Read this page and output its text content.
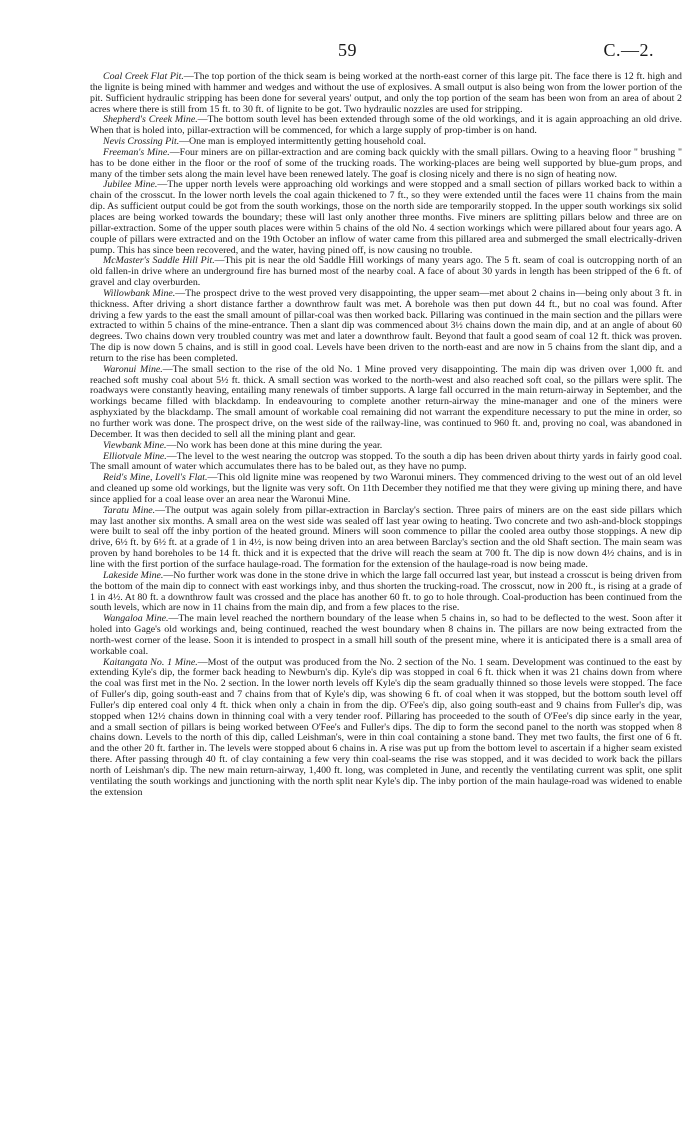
59	C.—2.

Coal Creek Flat Pit.—The top portion of the thick seam is being worked at the north-east corner of this large pit. The face there is 12 ft. high and the lignite is being mined with hammer and wedges and without the use of explosives. A small output is also being won from the lower portion of the pit. Sufficient hydraulic stripping has been done for several years' output, and only the top portion of the seam has been won from an area of about 2 acres where there is still from 15 ft. to 30 ft. of lignite to be got. Two hydraulic nozzles are used for stripping.

Shepherd's Creek Mine.—The bottom south level has been extended through some of the old workings, and it is again approaching an old drive. When that is holed into, pillar-extraction will be commenced, for which a large supply of prop-timber is on hand.

Nevis Crossing Pit.—One man is employed intermittently getting household coal.

Freeman's Mine.—Four miners are on pillar-extraction and are coming back quickly with the small pillars. Owing to a heaving floor " brushing " has to be done either in the floor or the roof of some of the trucking roads. The working-places are being well supported by blue-gum props, and many of the timber sets along the main level have been renewed lately. The goaf is closing nicely and there is no sign of heating now.

Jubilee Mine.—The upper north levels were approaching old workings and were stopped and a small section of pillars worked back to within a chain of the crosscut. In the lower north levels the coal again thickened to 7 ft., so they were extended until the faces were 11 chains from the main dip. As sufficient output could be got from the south workings, those on the north side are temporarily stopped. In the upper south workings six solid places are being worked towards the boundary; these will last only another three months. Five miners are splitting pillars below and three are on pillar-extraction. Some of the upper south places were within 5 chains of the old No. 4 section workings which were pillared about four years ago. A couple of pillars were extracted and on the 19th October an inflow of water came from this pillared area and submerged the small electrically-driven pump. This has since been recovered, and the water, having pined off, is now causing no trouble.

McMaster's Saddle Hill Pit.—This pit is near the old Saddle Hill workings of many years ago. The 5 ft. seam of coal is outcropping north of an old fallen-in drive where an underground fire has burned most of the nearby coal. A face of about 30 yards in length has been stripped of the 6 ft. of gravel and clay overburden.

Willowbank Mine.—The prospect drive to the west proved very disappointing, the upper seam—met about 2 chains in—being only about 3 ft. in thickness. After driving a short distance farther a downthrow fault was met. A borehole was then put down 44 ft., but no coal was found. After driving a few yards to the east the small amount of pillar-coal was then worked back. Pillaring was continued in the main section and the pillars were extracted to within 5 chains of the mine-entrance. Then a slant dip was commenced about 3½ chains down the main dip, and at an angle of about 60 degrees. Two chains down very troubled country was met and later a downthrow fault. Beyond that fault a good seam of coal 12 ft. thick was proven. The dip is now down 5 chains, and is still in good coal. Levels have been driven to the north-east and are now in 5 chains from the slant dip, and a return to the rise has been completed.

Waronui Mine.—The small section to the rise of the old No. 1 Mine proved very disappointing. The main dip was driven over 1,000 ft. and reached soft mushy coal about 5½ ft. thick. A small section was worked to the north-west and also reached soft coal, so the pillars were split. The roadways were constantly heaving, entailing many renewals of timber supports. A large fall occurred in the main return-airway in September, and the workings became filled with blackdamp. In endeavouring to complete another return-airway the mine-manager and one of the miners were asphyxiated by the blackdamp. The small amount of workable coal remaining did not warrant the expenditure necessary to put the mine in order, so no further work was done. The prospect drive, on the west side of the railway-line, was continued to 960 ft. and, proving no coal, was abandoned in December. It was then decided to sell all the mining plant and gear.

Viewbank Mine.—No work has been done at this mine during the year.

Elliotvale Mine.—The level to the west nearing the outcrop was stopped. To the south a dip has been driven about thirty yards in fairly good coal. The small amount of water which accumulates there has to be baled out, as they have no pump.

Reid's Mine, Lovell's Flat.—This old lignite mine was reopened by two Waronui miners. They commenced driving to the west out of an old level and cleaned up some old workings, but the lignite was very soft. On 11th December they notified me that they were giving up mining there, and have since applied for a coal lease over an area near the Waronui Mine.

Taratu Mine.—The output was again solely from pillar-extraction in Barclay's section. Three pairs of miners are on the east side pillars which may last another six months. A small area on the west side was sealed off last year owing to heating. Two concrete and two ash-and-block stoppings were built to seal off the inby portion of the heated ground. Miners will soon commence to pillar the cooled area outby those stoppings. A new dip drive, 6½ ft. by 6½ ft. at a grade of 1 in 4½, is now being driven into an area between Barclay's section and the old Shaft section. The main seam was proven by hand boreholes to be 14 ft. thick and it is expected that the drive will reach the seam at 700 ft. The dip is now down 4½ chains, and is in line with the first portion of the surface haulage-road. The formation for the extension of the haulage-road is now being made.

Lakeside Mine.—No further work was done in the stone drive in which the large fall occurred last year, but instead a crosscut is being driven from the bottom of the main dip to connect with east workings inby, and thus shorten the trucking-road. The crosscut, now in 200 ft., is rising at a grade of 1 in 4½. At 80 ft. a downthrow fault was crossed and the place has another 60 ft. to go to hole through. Coal-production has been continued from the south levels, which are now in 11 chains from the main dip, and from a few places to the rise.

Wangaloa Mine.—The main level reached the northern boundary of the lease when 5 chains in, so had to be deflected to the west. Soon after it holed into Gage's old workings and, being continued, reached the west boundary when 8 chains in. The pillars are now being extracted from the north-west corner of the lease. Soon it is intended to prospect in a small hill south of the present mine, where it is anticipated there is a small area of workable coal.

Kaitangata No. 1 Mine.—Most of the output was produced from the No. 2 section of the No. 1 seam. Development was continued to the east by extending Kyle's dip, the former back heading to Newburn's dip. Kyle's dip was stopped in coal 6 ft. thick when it was 21 chains down from where the coal was first met in the No. 2 section. In the lower north levels off Kyle's dip the seam gradually thinned so those levels were stopped. The face of Fuller's dip, going south-east and 7 chains from that of Kyle's dip, was showing 6 ft. of coal when it was stopped, but the bottom south level off Fuller's dip entered coal only 4 ft. thick when only a chain in from the dip. O'Fee's dip, also going south-east and 9 chains from Fuller's dip, was stopped when 12½ chains down in thinning coal with a very tender roof. Pillaring has proceeded to the south of O'Fee's dip since early in the year, and a small section of pillars is being worked between O'Fee's and Fuller's dips. The dip to form the second panel to the north was stopped when 8 chains down. Levels to the north of this dip, called Leishman's, were in thin coal containing a stone band. They met two faults, the first one of 6 ft. and the other 20 ft. farther in. The levels were stopped about 6 chains in. A rise was put up from the bottom level to ascertain if a higher seam existed there. After passing through 40 ft. of clay containing a few very thin coal-seams the rise was stopped, and it was decided to work back the pillars north of Leishman's dip. The new main return-airway, 1,400 ft. long, was completed in June, and recently the ventilating current was split, one split ventilating the south workings and junctioning with the north split near Kyle's dip. The inby portion of the main haulage-road was widened to enable the extension
